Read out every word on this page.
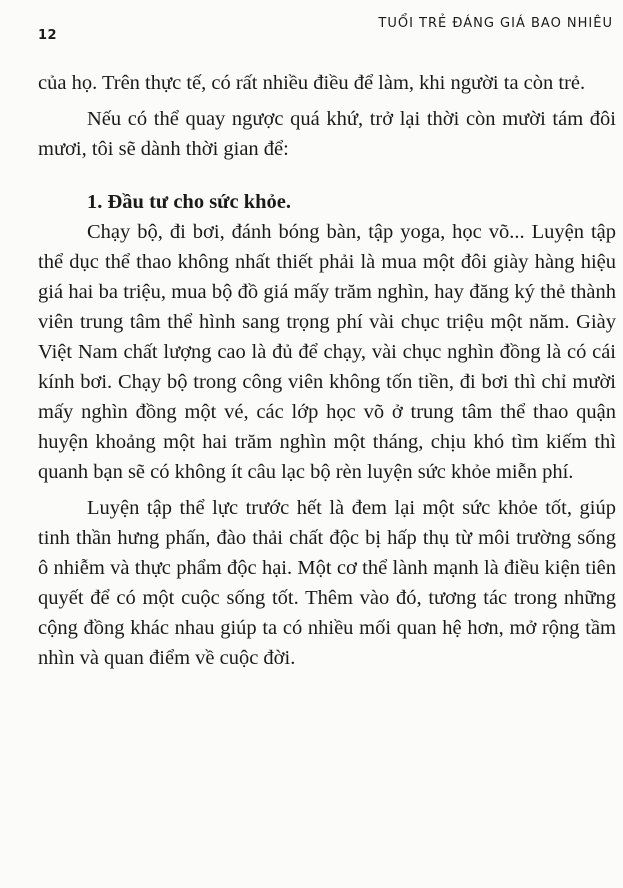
12
TUỔI TRẺ ĐÁNG GIÁ BAO NHIÊU

của họ. Trên thực tế, có rất nhiều điều để làm, khi người ta còn trẻ.

Nếu có thể quay ngược quá khứ, trở lại thời còn mười tám đôi mươi, tôi sẽ dành thời gian để:

1. Đầu tư cho sức khỏe.

Chạy bộ, đi bơi, đánh bóng bàn, tập yoga, học võ... Luyện tập thể dục thể thao không nhất thiết phải là mua một đôi giày hàng hiệu giá hai ba triệu, mua bộ đồ giá mấy trăm nghìn, hay đăng ký thẻ thành viên trung tâm thể hình sang trọng phí vài chục triệu một năm. Giày Việt Nam chất lượng cao là đủ để chạy, vài chục nghìn đồng là có cái kính bơi. Chạy bộ trong công viên không tốn tiền, đi bơi thì chỉ mười mấy nghìn đồng một vé, các lớp học võ ở trung tâm thể thao quận huyện khoảng một hai trăm nghìn một tháng, chịu khó tìm kiếm thì quanh bạn sẽ có không ít câu lạc bộ rèn luyện sức khỏe miễn phí.

Luyện tập thể lực trước hết là đem lại một sức khỏe tốt, giúp tinh thần hưng phấn, đào thải chất độc bị hấp thụ từ môi trường sống ô nhiễm và thực phẩm độc hại. Một cơ thể lành mạnh là điều kiện tiên quyết để có một cuộc sống tốt. Thêm vào đó, tương tác trong những cộng đồng khác nhau giúp ta có nhiều mối quan hệ hơn, mở rộng tầm nhìn và quan điểm về cuộc đời.
